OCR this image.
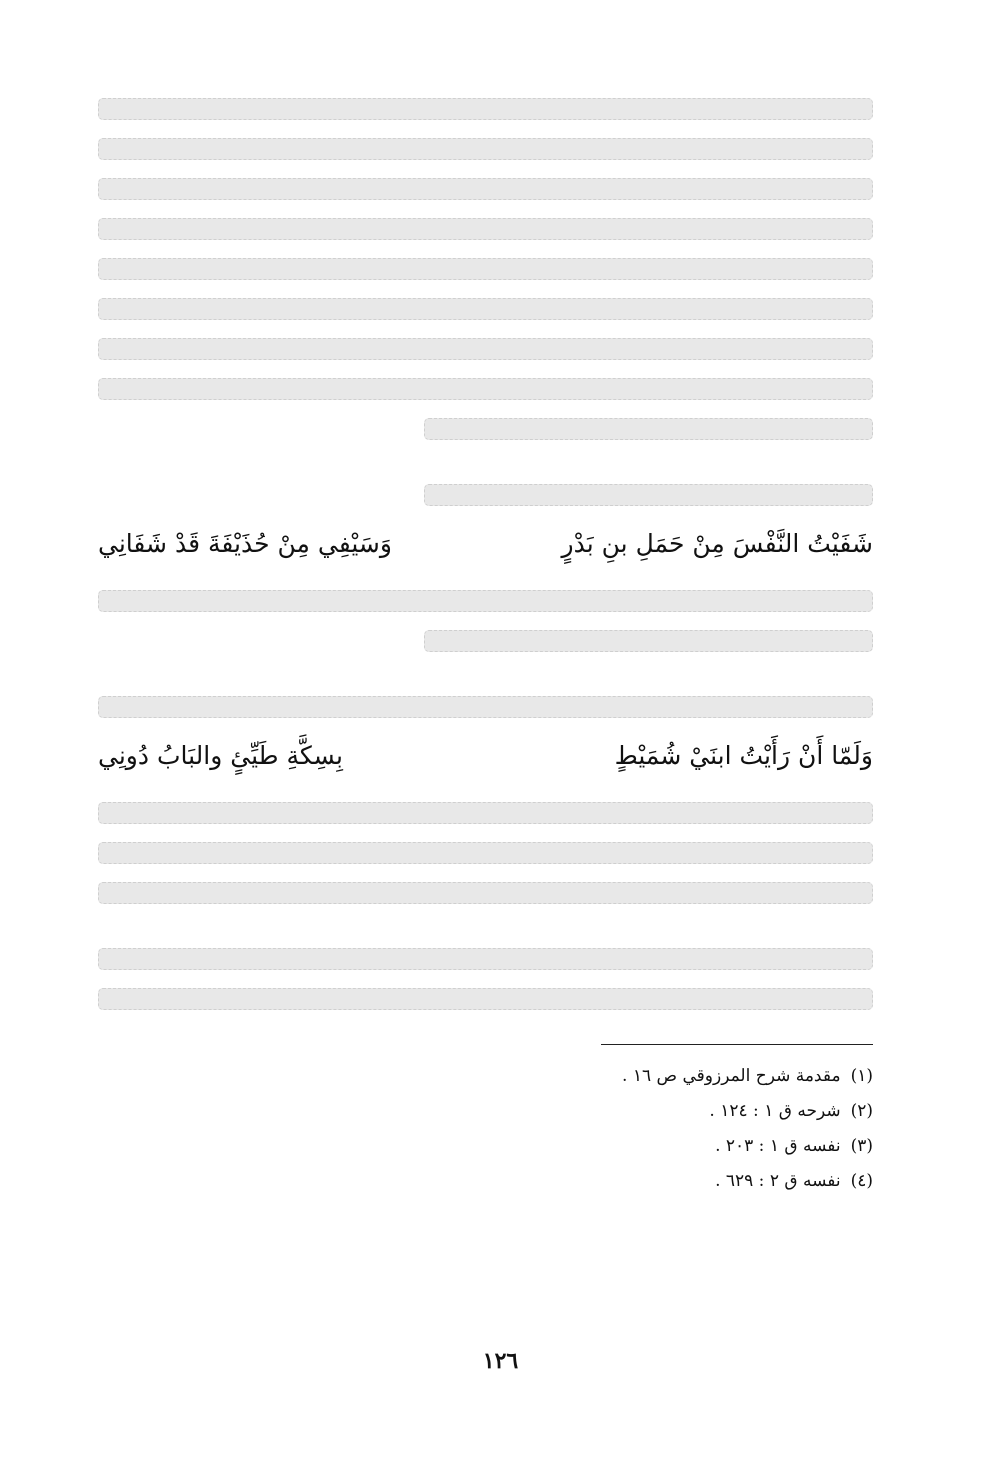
شَفَيْتُ النَّفْسَ مِنْ حَمَلِ بنِ بَدْرٍ
وَسَيْفِي مِنْ حُذَيْفَةَ قَدْ شَفَانِي
وَلَمّا أَنْ رَأَيْتُ ابنَيْ شُمَيْطٍ
بِسِكَّةِ طَيِّئٍ والبَابُ دُونِي
(١)
مقدمة شرح المرزوقي ص ١٦ .
(٢)
شرحه ق ١ : ١٢٤ .
(٣)
نفسه ق ١ : ٢٠٣ .
(٤)
نفسه ق ٢ : ٦٢٩ .
١٢٦
